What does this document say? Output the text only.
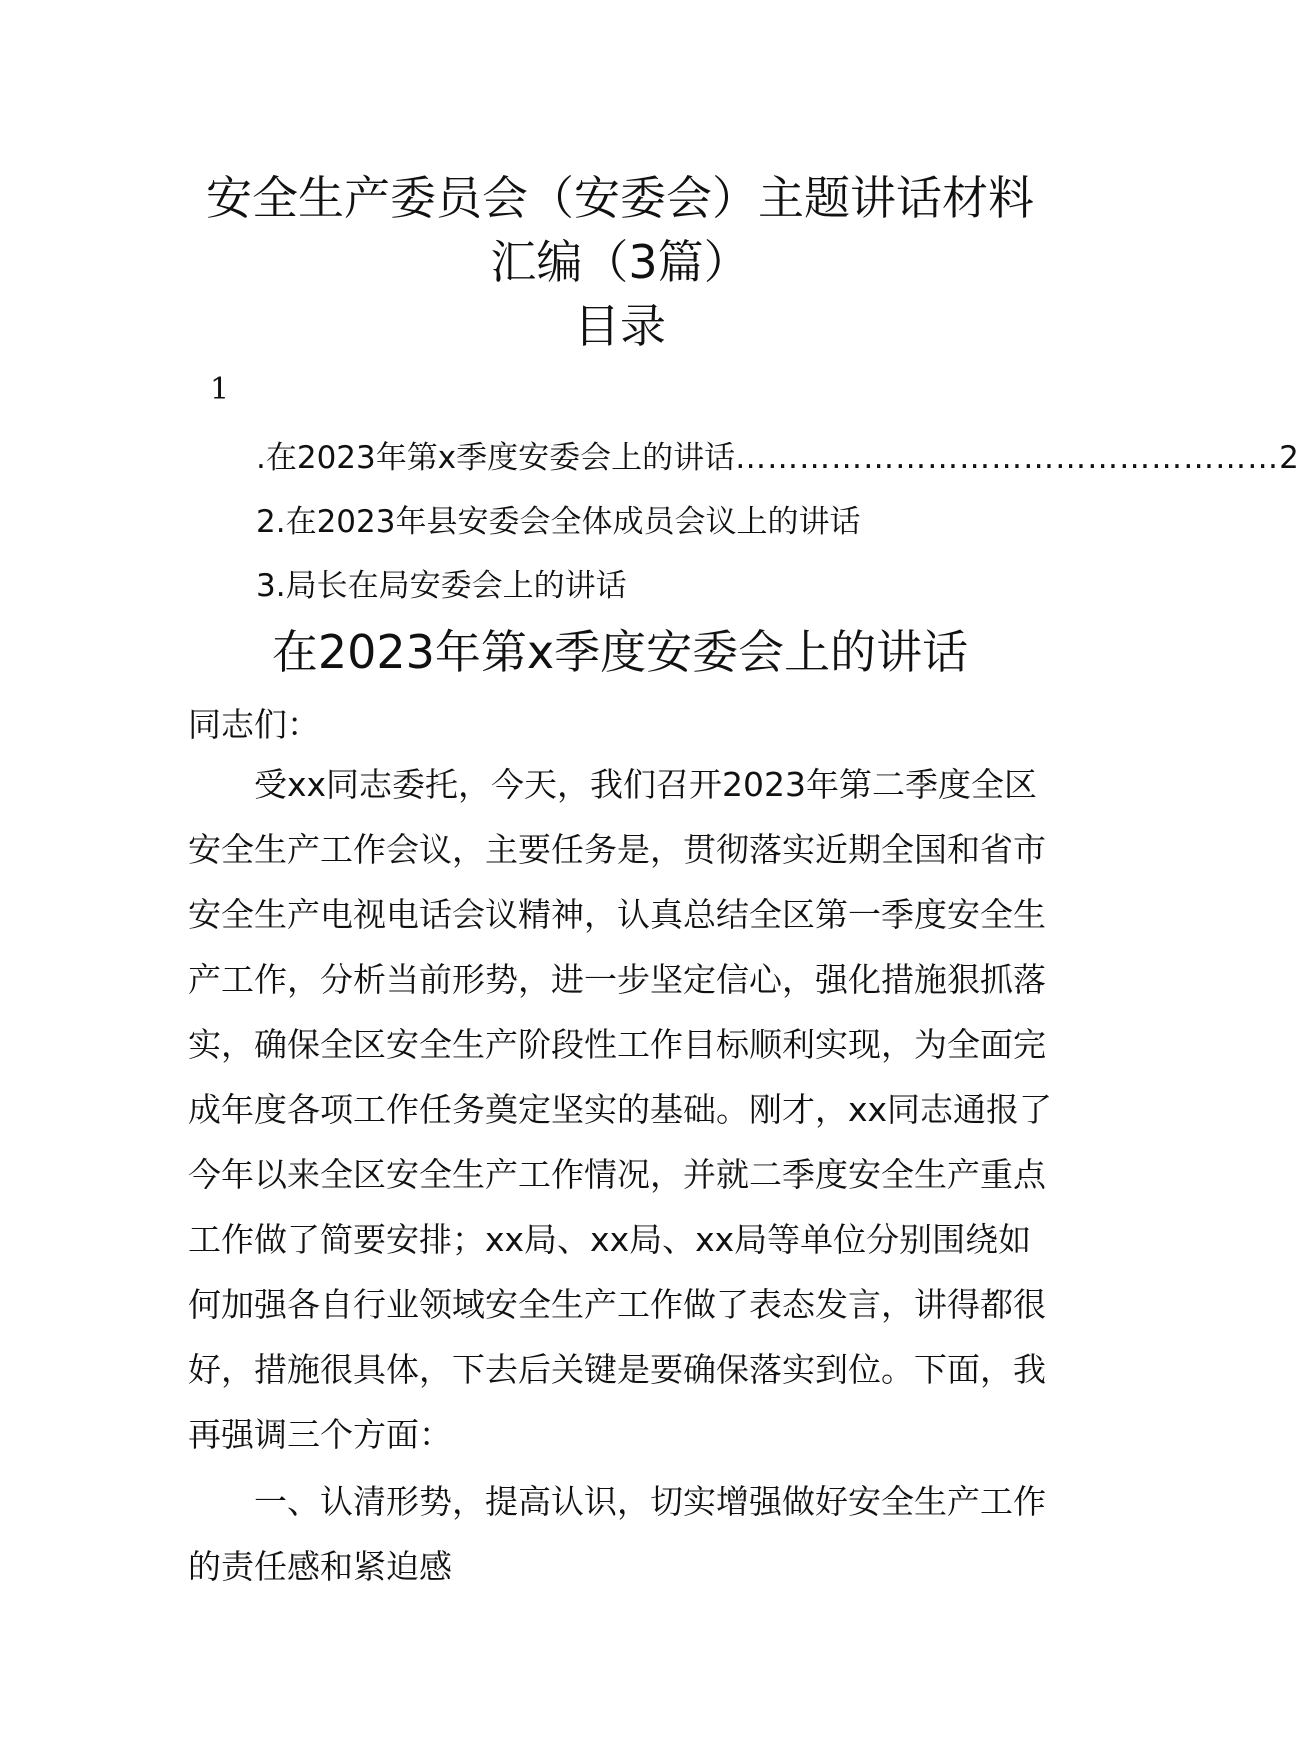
安全生产委员会（安委会）主题讲话材料
汇编（3篇）
目录
1
.在2023年第x季度安委会上的讲话 …………………………………………… 2
2.在2023年县安委会全体成员会议上的讲话
3.局长在局安委会上的讲话
在2023年第x季度安委会上的讲话
同志们：
受xx同志委托，今天，我们召开2023年第二季度全区安全生产工作会议，主要任务是，贯彻落实近期全国和省市安全生产电视电话会议精神，认真总结全区第一季度安全生产工作，分析当前形势，进一步坚定信心，强化措施狠抓落实，确保全区安全生产阶段性工作目标顺利实现，为全面完成年度各项工作任务奠定坚实的基础。刚才，xx同志通报了今年以来全区安全生产工作情况，并就二季度安全生产重点工作做了简要安排；xx局、xx局、xx局等单位分别围绕如何加强各自行业领域安全生产工作做了表态发言，讲得都很好，措施很具体，下去后关键是要确保落实到位。下面，我再强调三个方面：
一、认清形势，提高认识，切实增强做好安全生产工作的责任感和紧迫感
